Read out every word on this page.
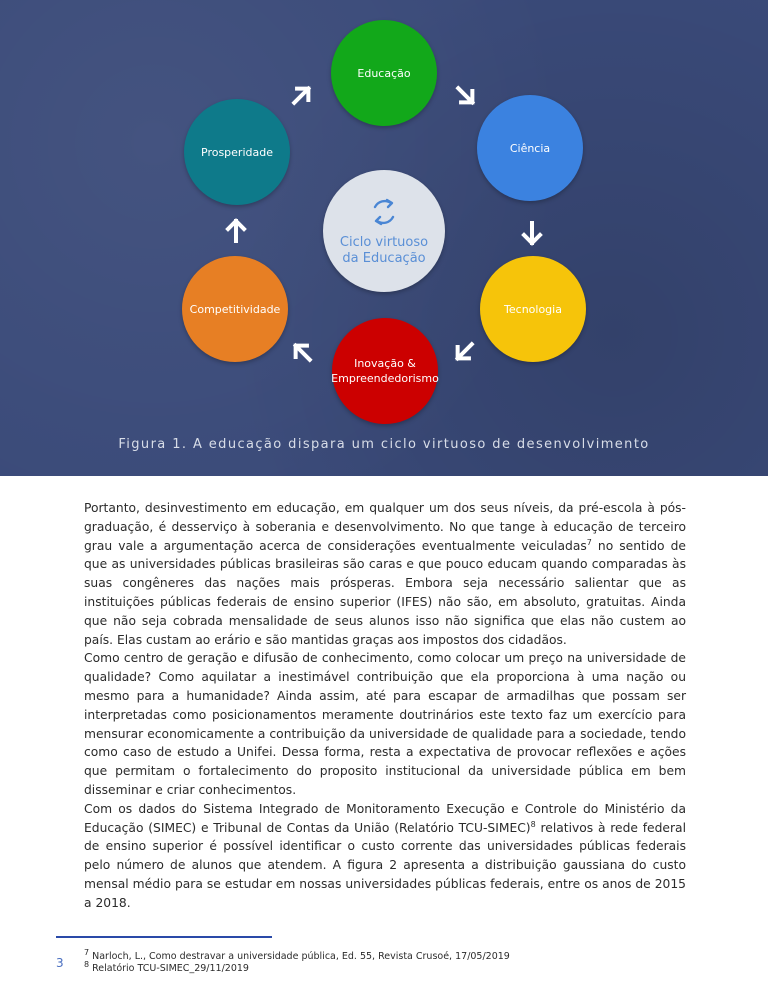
Educação
Ciência
Tecnologia
Inovação & Empreendedorismo
Competitividade
Prosperidade
Ciclo virtuoso
da Educação
Figura 1. A educação dispara um ciclo virtuoso de desenvolvimento

Portanto, desinvestimento em educação, em qualquer um dos seus níveis, da pré-escola à pós-graduação, é desserviço à soberania e desenvolvimento. No que tange à educação de terceiro grau vale a argumentação acerca de considerações eventualmente veiculadas$^7$ no sentido de que as universidades públicas brasileiras são caras e que pouco educam quando comparadas às suas congêneres das nações mais prósperas. Embora seja necessário salientar que as instituições públicas federais de ensino superior (IFES) não são, em absoluto, gratuitas. Ainda que não seja cobrada mensalidade de seus alunos isso não significa que elas não custem ao país. Elas custam ao erário e são mantidas graças aos impostos dos cidadãos.

Como centro de geração e difusão de conhecimento, como colocar um preço na universidade de qualidade? Como aquilatar a inestimável contribuição que ela proporciona à uma nação ou mesmo para a humanidade? Ainda assim, até para escapar de armadilhas que possam ser interpretadas como posicionamentos meramente doutrinários este texto faz um exercício para mensurar economicamente a contribuição da universidade de qualidade para a sociedade, tendo como caso de estudo a Unifei. Dessa forma, resta a expectativa de provocar reflexões e ações que permitam o fortalecimento do proposito institucional da universidade pública em bem disseminar e criar conhecimentos.

Com os dados do Sistema Integrado de Monitoramento Execução e Controle do Ministério da Educação (SIMEC) e Tribunal de Contas da União (Relatório TCU-SIMEC)$^8$ relativos à rede federal de ensino superior é possível identificar o custo corrente das universidades públicas federais pelo número de alunos que atendem. A figura 2 apresenta a distribuição gaussiana do custo mensal médio para se estudar em nossas universidades públicas federais, entre os anos de 2015 a 2018.

3
$^7$ Narloch, L., Como destravar a universidade pública, Ed. 55, Revista Crusoé, 17/05/2019
$^8$ Relatório TCU-SIMEC_29/11/2019
